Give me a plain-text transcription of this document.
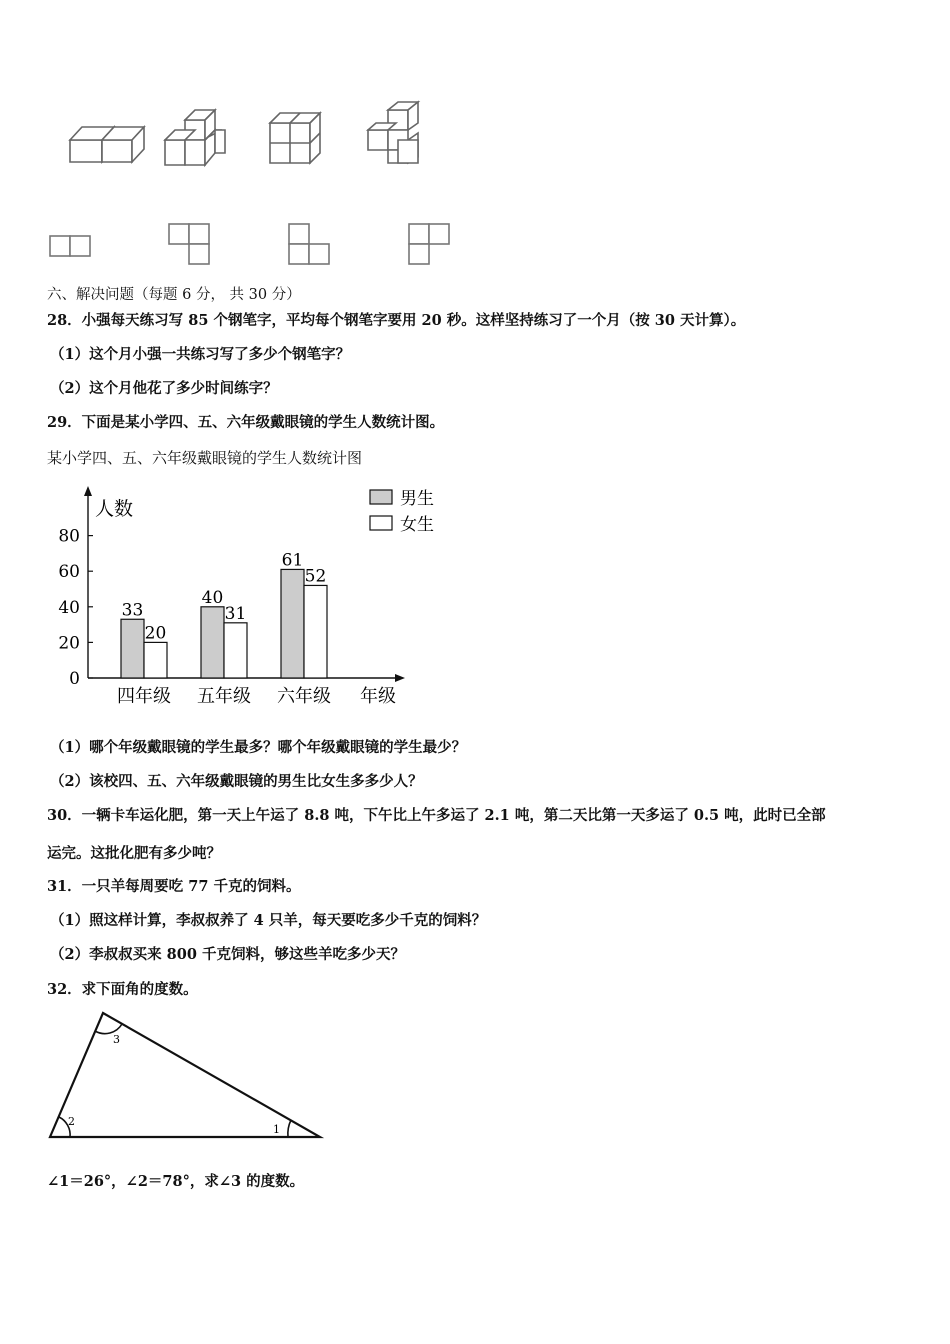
六、解决问题（每题 6 分， 共 30 分）
28．小强每天练习写 85 个钢笔字，平均每个钢笔字要用 20 秒。这样坚持练习了一个月（按 30 天计算）。
（1）这个月小强一共练习写了多少个钢笔字？
（2）这个月他花了多少时间练字？
29．下面是某小学四、五、六年级戴眼镜的学生人数统计图。
某小学四、五、六年级戴眼镜的学生人数统计图
人数
年级
0
20
40
60
80
33
20
40
31
61
52
四年级 五年级 六年级
男生
女生
（1）哪个年级戴眼镜的学生最多？哪个年级戴眼镜的学生最少？
（2）该校四、五、六年级戴眼镜的男生比女生多多少人？
30．一辆卡车运化肥，第一天上午运了 8.8 吨，下午比上午多运了 2.1 吨，第二天比第一天多运了 0.5 吨，此时已全部
运完。这批化肥有多少吨？
31．一只羊每周要吃 77 千克的饲料。
（1）照这样计算，李叔叔养了 4 只羊，每天要吃多少千克的饲料？
（2）李叔叔买来 800 千克饲料，够这些羊吃多少天？
32．求下面角的度数。
1
2
3
∠1＝26°，∠2＝78°，求∠3 的度数。
